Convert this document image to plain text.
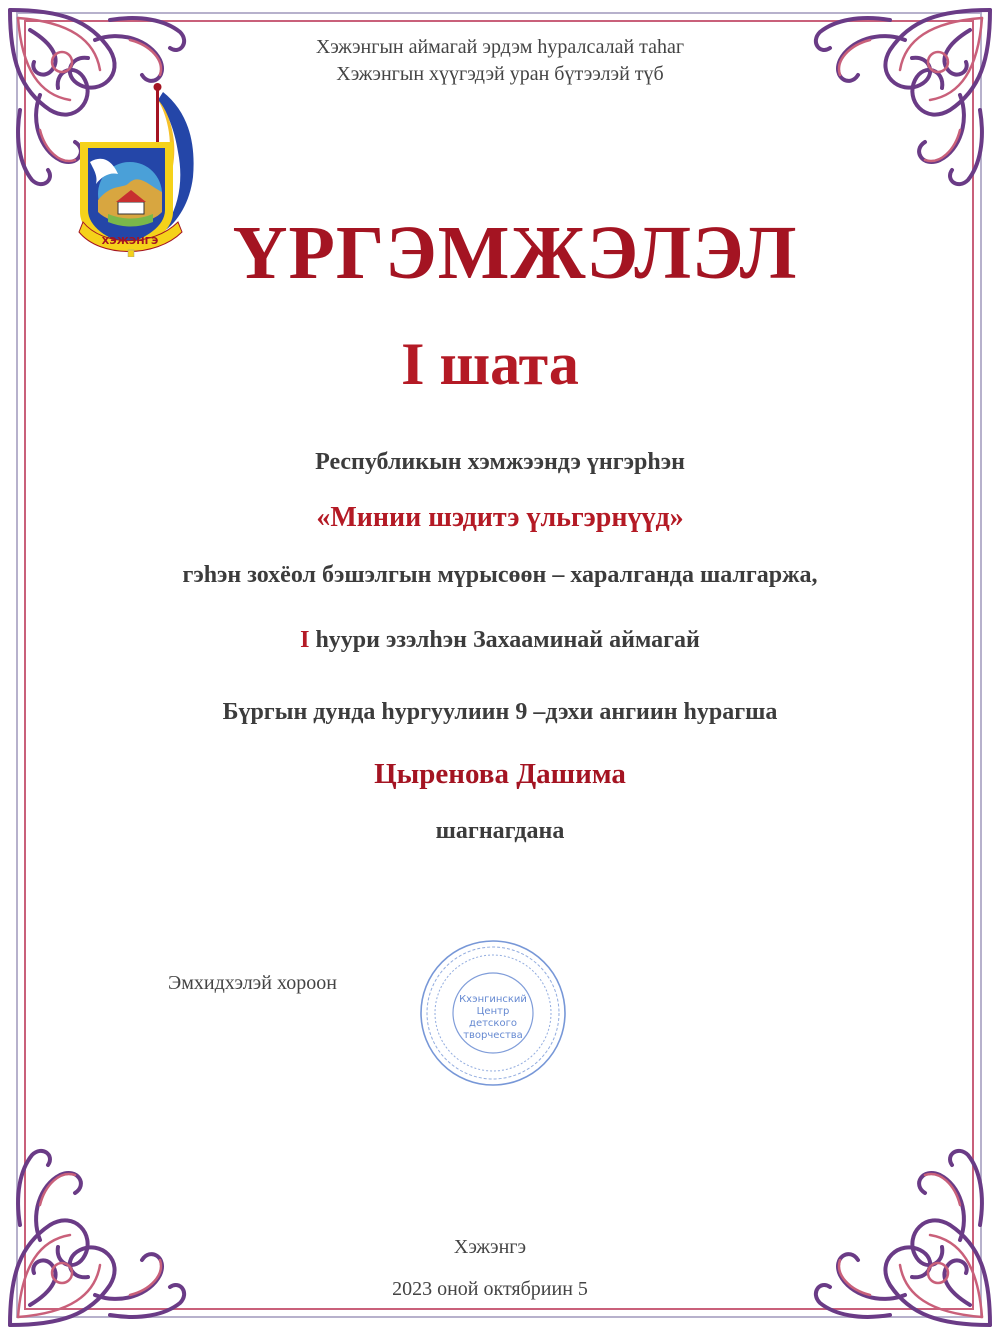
Хэжэнгын аймагай эрдэм һуралсалай таһаг
Хэжэнгын хүүгэдэй уран бүтээлэй түб
ХЭЖЭНГЭ ҮРГЭМЖЭЛЭЛ
I шата
Республикын хэмжээндэ үнгэрһэн
«Минии шэдитэ үльгэрнүүд»
гэһэн зохёол бэшэлгын мүрысөөн – харалганда шалгаржа,
I һуури эзэлһэн Захааминай аймагай
Бүргын дунда һургуулиин 9 –дэхи ангиин һурагша
Цыренова Дашима
шагнагдана
Эмхидхэлэй хороон
Кхэнгинский
Центр
детского
творчества
Хэжэнгэ
2023 оной октябриин 5
